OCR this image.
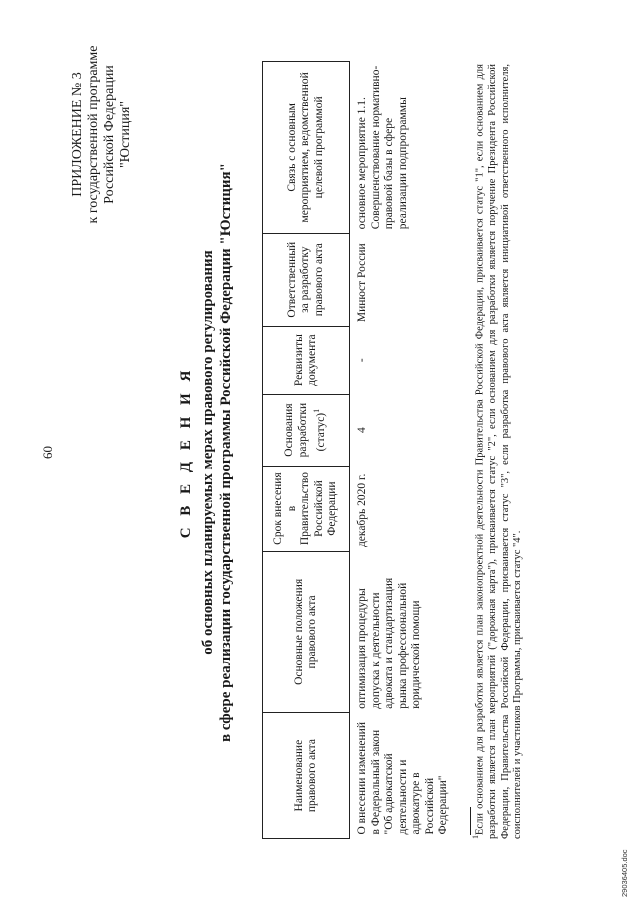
60
ПРИЛОЖЕНИЕ № 3 к государственной программе Российской Федерации "Юстиция"
С В Е Д Е Н И Я об основных планируемых мерах правового регулирования в сфере реализации государственной программы Российской Федерации "Юстиция"
Наименование правового акта	Основные положения правового акта	Срок внесения в Правительство Российской Федерации	Основания разработки (статус)$^1$	Реквизиты документа	Ответственный за разработку правового акта	Связь с основным мероприятием, ведомственной целевой программой
О внесении изменений в Федеральный закон "Об адвокатской деятельности и адвокатуре в Российской Федерации"	оптимизация процедуры допуска к деятельности адвоката и стандартизация рынка профессиональной юридической помощи	декабрь 2020 г.	4	-	Минюст России	основное мероприятие 1.1. Совершенствование нормативно-правовой базы в сфере реализации подпрограммы
$^1$Если основанием для разработки является план законопроектной деятельности Правительства Российской Федерации, присваивается статус "1", если основанием для разработки является план мероприятий ("дорожная карта"), присваивается статус "2", если основанием для разработки является поручение Президента Российской Федерации, Правительства Российской Федерации, присваивается статус "3", если разработка правового акта является инициативой ответственного исполнителя, соисполнителей и участников Программы, присваивается статус "4".
29036405.doc
